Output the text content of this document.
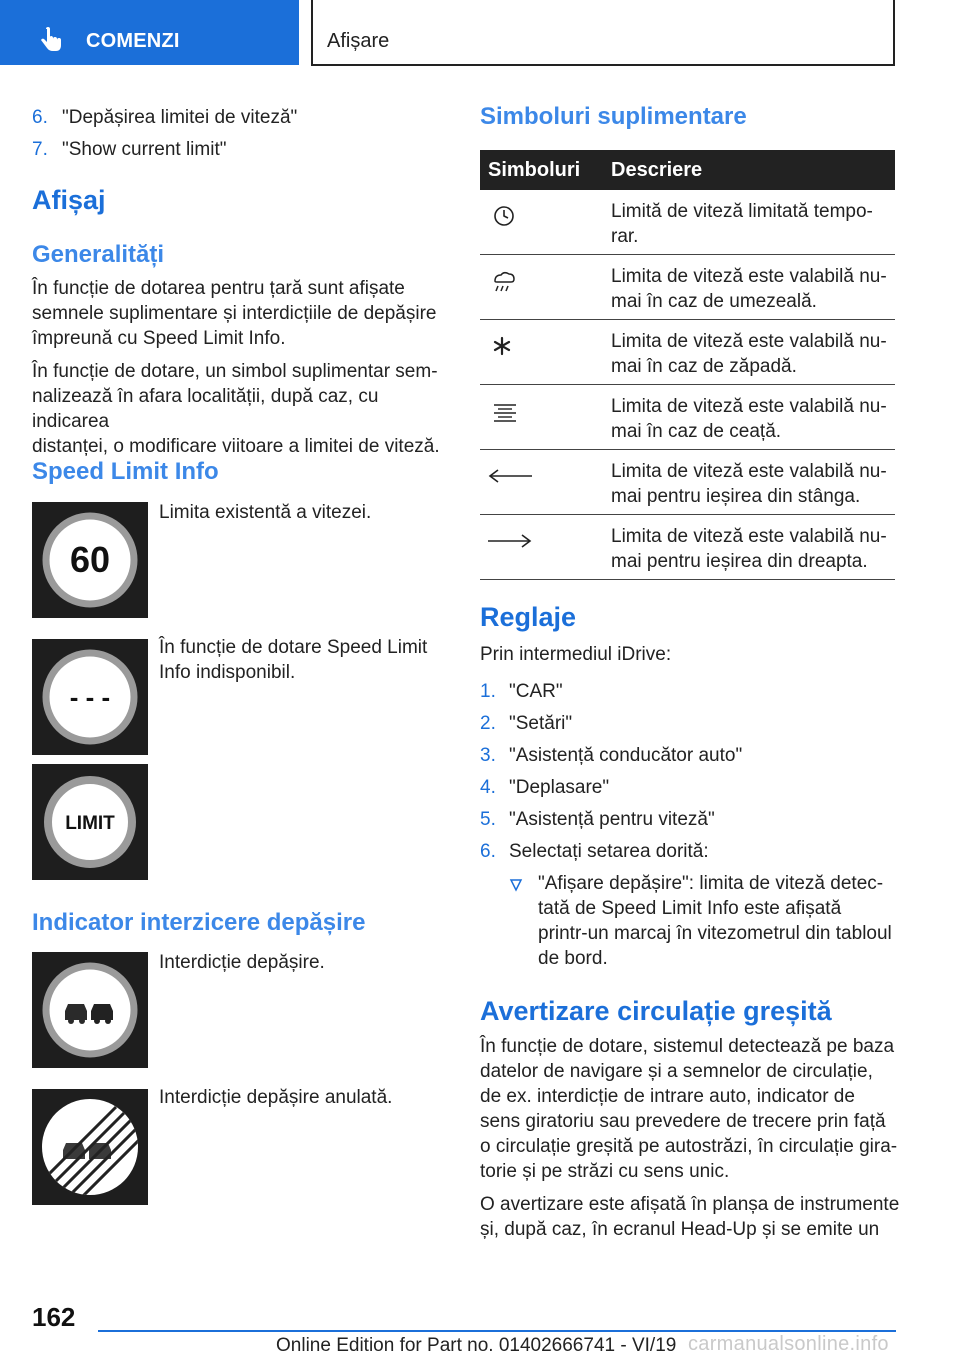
COMENZI	Afișare
6. "Depășirea limitei de viteză"
7. "Show current limit"
Afișaj
Generalități
În funcție de dotarea pentru țară sunt afișate
semnele suplimentare și interdicțiile de depășire
împreună cu Speed Limit Info.
În funcție de dotare, un simbol suplimentar sem-
nalizează în afara localității, după caz, cu indicarea
distanței, o modificare viitoare a limitei de viteză.
Speed Limit Info
60
Limita existentă a vitezei.
- - -
În funcție de dotare Speed Limit
Info indisponibil.
LIMIT
Indicator interzicere depășire
Interdicție depășire.
Interdicție depășire anulată.
Simboluri suplimentare
Simboluri Descriere
Limită de viteză limitată tempo-
rar.
Limita de viteză este valabilă nu-
mai în caz de umezeală.
Limita de viteză este valabilă nu-
mai în caz de zăpadă.
Limita de viteză este valabilă nu-
mai în caz de ceață.
Limita de viteză este valabilă nu-
mai pentru ieșirea din stânga.
Limita de viteză este valabilă nu-
mai pentru ieșirea din dreapta.
Reglaje
Prin intermediul iDrive:
1. "CAR"
2. "Setări"
3. "Asistență conducător auto"
4. "Deplasare"
5. "Asistență pentru viteză"
6. Selectați setarea dorită:
"Afișare depășire": limita de viteză detec-
tată de Speed Limit Info este afișată
printr-un marcaj în vitezometrul din tabloul
de bord.
Avertizare circulație greșită
În funcție de dotare, sistemul detectează pe baza
datelor de navigare și a semnelor de circulație,
de ex. interdicție de intrare auto, indicator de
sens giratoriu sau prevedere de trecere prin față
o circulație greșită pe autostrăzi, în circulație gira-
torie și pe străzi cu sens unic.
O avertizare este afișată în planșa de instrumente
și, după caz, în ecranul Head-Up și se emite un
162
Online Edition for Part no. 01402666741 - VI/19 carmanualsonline.info
